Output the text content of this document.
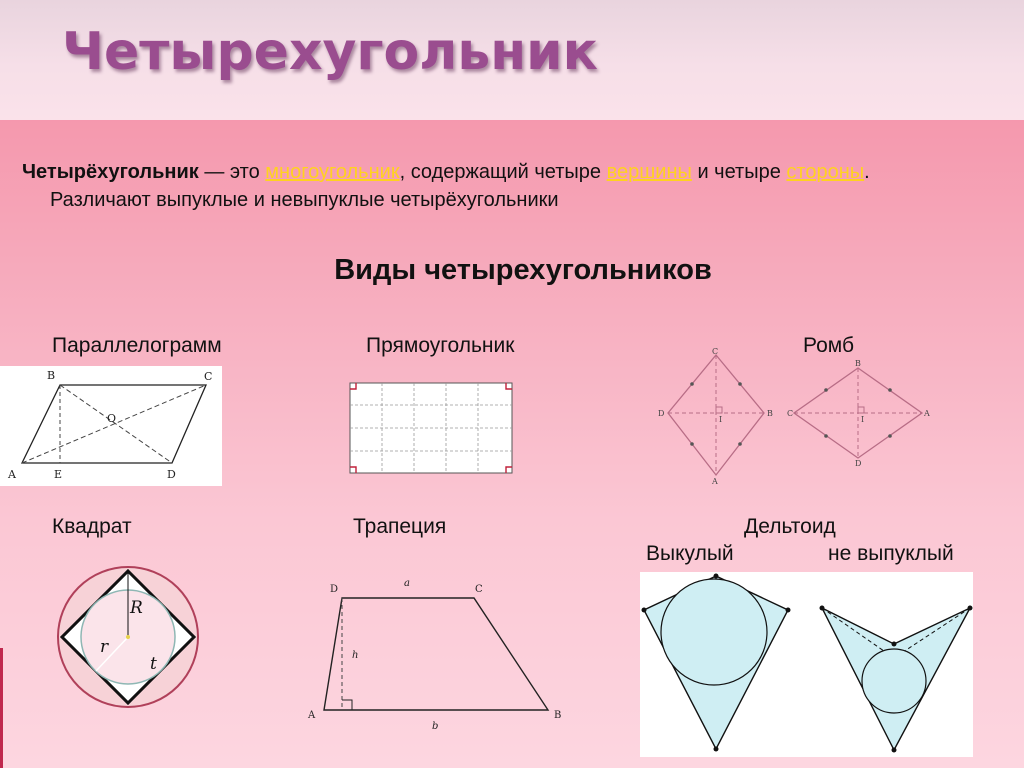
Четырехугольник
Четырёхугольник — это многоугольник, содержащий четыре вершины и четыре стороны.
Различают выпуклые и невыпуклые четырёхугольники
Виды четырехугольников
Параллелограмм	Прямоугольник	Ромб
Квадрат	Трапеция	Дельтоид
Выкулый	не выпуклый
A
B	C
D
E
O
C
D	B
A
I
B
C	A
D
I
R
r
t
A	B
C
D
a
b
h
